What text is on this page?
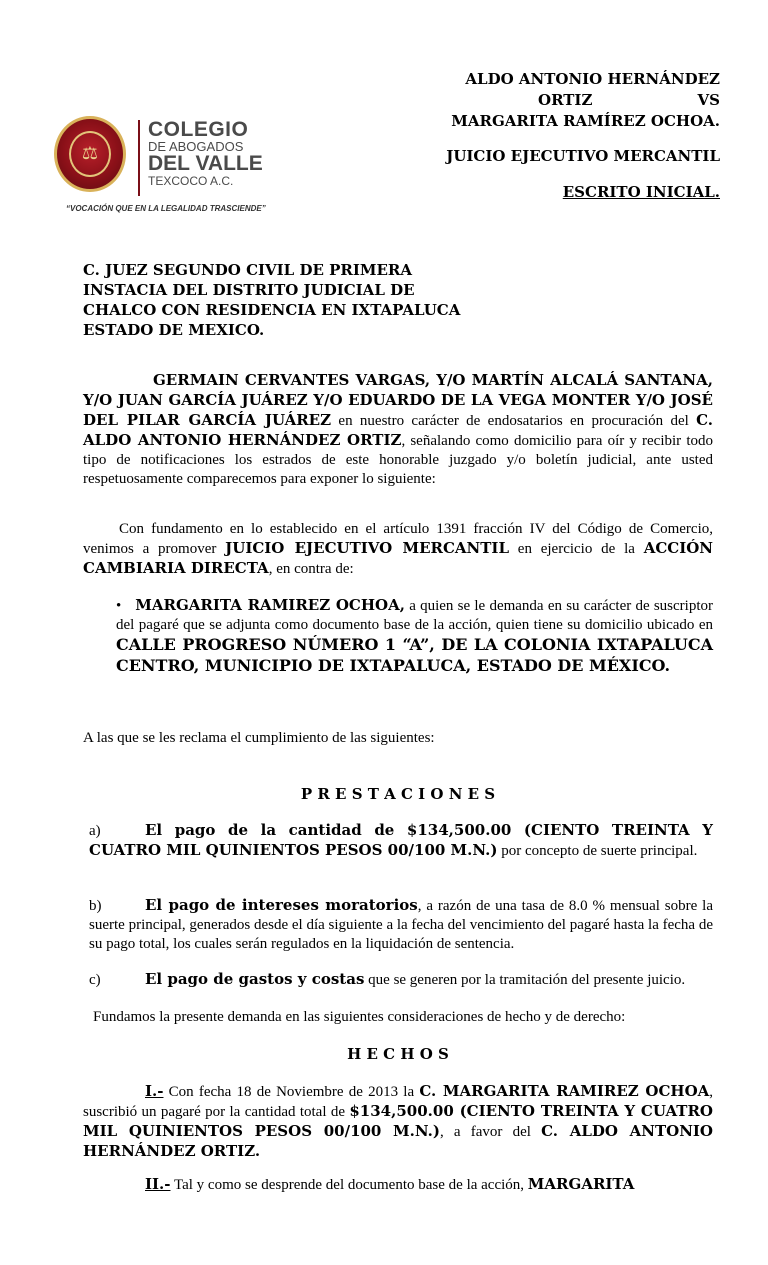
⚖
COLEGIO
DE ABOGADOS
DEL VALLE
TEXCOCO A.C.
“VOCACIÓN QUE EN LA LEGALIDAD TRASCIENDE”
ALDO ANTONIO HERNÁNDEZ
ORTIZ	VS
MARGARITA RAMÍREZ OCHOA.
JUICIO EJECUTIVO MERCANTIL
ESCRITO INICIAL.
C. JUEZ SEGUNDO CIVIL DE PRIMERA
INSTACIA DEL DISTRITO JUDICIAL DE
CHALCO CON RESIDENCIA EN IXTAPALUCA
ESTADO DE MEXICO.
GERMAIN CERVANTES VARGAS, Y/O MARTÍN ALCALÁ SANTANA, Y/O JUAN GARCÍA JUÁREZ Y/O EDUARDO DE LA VEGA MONTER Y/O JOSÉ DEL PILAR GARCÍA JUÁREZ en nuestro carácter de endosatarios en procuración del C. ALDO ANTONIO HERNÁNDEZ ORTIZ, señalando como domicilio para oír y recibir todo tipo de notificaciones los estrados de este honorable juzgado y/o boletín judicial, ante usted respetuosamente comparecemos para exponer lo siguiente:
Con fundamento en lo establecido en el artículo 1391 fracción IV del Código de Comercio, venimos a promover JUICIO EJECUTIVO MERCANTIL en ejercicio de la ACCIÓN CAMBIARIA DIRECTA, en contra de:
• MARGARITA RAMIREZ OCHOA, a quien se le demanda en su carácter de suscriptor del pagaré que se adjunta como documento base de la acción, quien tiene su domicilio ubicado en CALLE PROGRESO NÚMERO 1 “A”, DE LA COLONIA IXTAPALUCA CENTRO, MUNICIPIO DE IXTAPALUCA, ESTADO DE MÉXICO.
A las que se les reclama el cumplimiento de las siguientes:
P R E S T A C I O N E S
a)	El pago de la cantidad de $134,500.00 (CIENTO TREINTA Y CUATRO MIL QUINIENTOS PESOS 00/100 M.N.) por concepto de suerte principal.
b)	El pago de intereses moratorios, a razón de una tasa de 8.0 % mensual sobre la suerte principal, generados desde el día siguiente a la fecha del vencimiento del pagaré hasta la fecha de su pago total, los cuales serán regulados en la liquidación de sentencia.
c)	El pago de gastos y costas que se generen por la tramitación del presente juicio.
Fundamos la presente demanda en las siguientes consideraciones de hecho y de derecho:
H E C H O S
I.- Con fecha 18 de Noviembre de 2013 la C. MARGARITA RAMIREZ OCHOA, suscribió un pagaré por la cantidad total de $134,500.00 (CIENTO TREINTA Y CUATRO MIL QUINIENTOS PESOS 00/100 M.N.), a favor del C. ALDO ANTONIO HERNÁNDEZ ORTIZ.
II.- Tal y como se desprende del documento base de la acción, MARGARITA
